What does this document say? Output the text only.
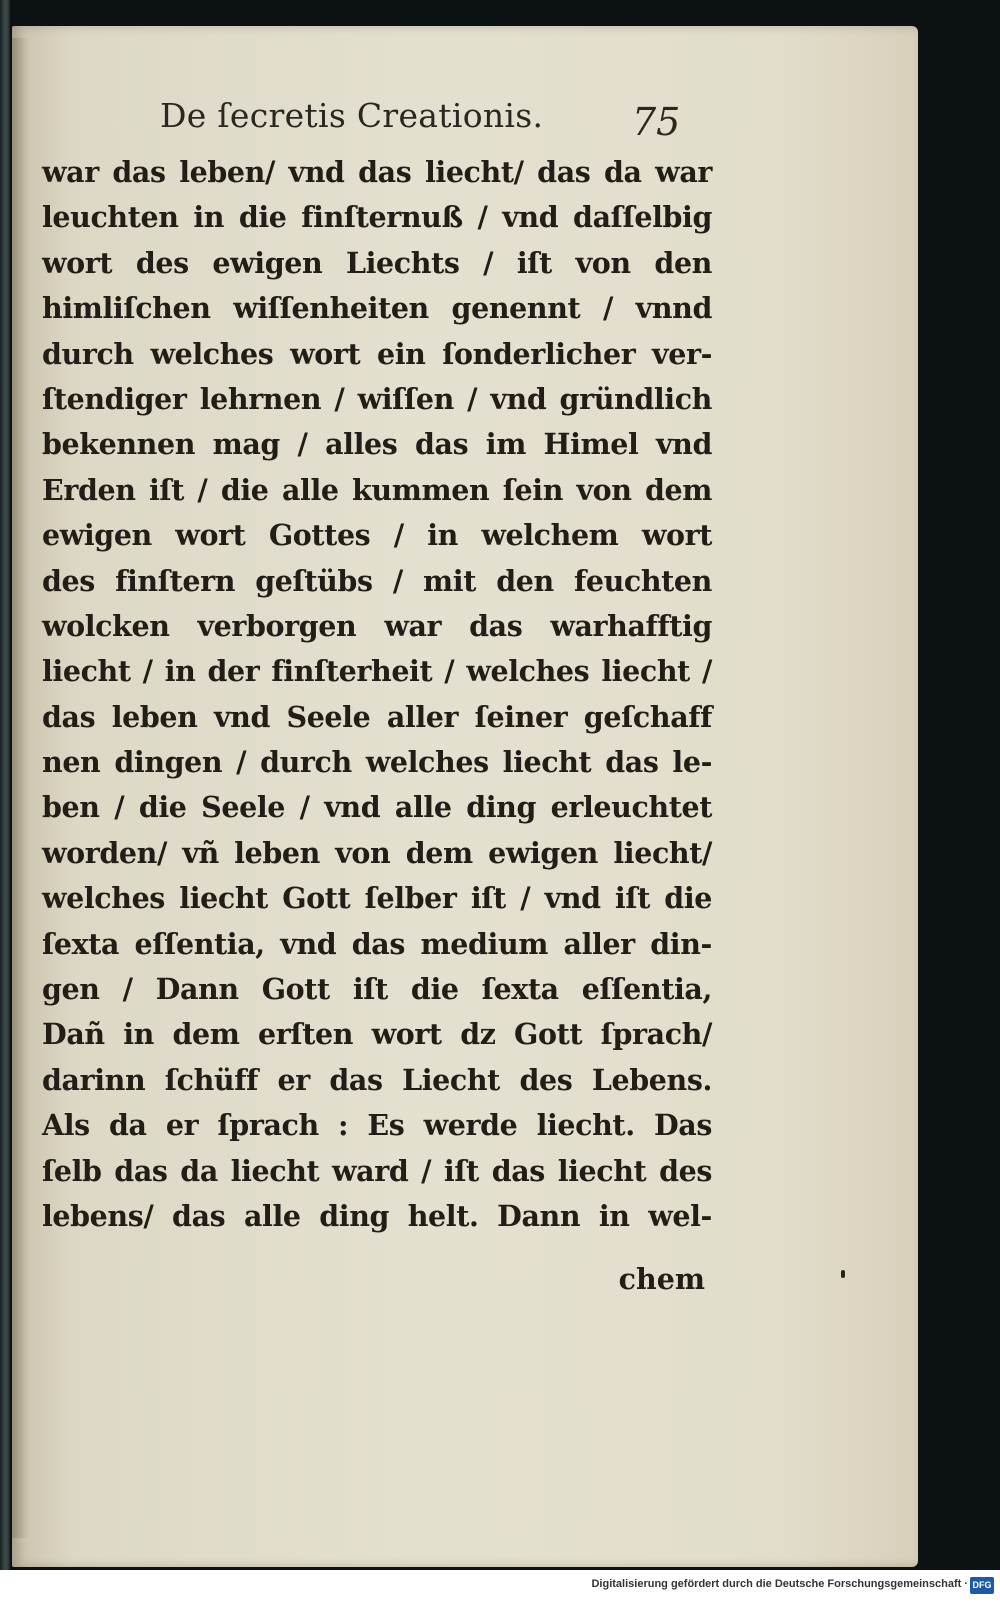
De ſecretis Creationis.	75
war das leben/ vnd das liecht/ das da war
leuchten in die finſternuß / vnd daſſelbig
wort des ewigen Liechts / iſt von den
himliſchen wiſſenheiten genennt / vnnd
durch welches wort ein ſonderlicher ver-
ſtendiger lehrnen / wiſſen / vnd gründlich
bekennen mag / alles das im Himel vnd
Erden iſt / die alle kummen ſein von dem
ewigen wort Gottes / in welchem wort
des finſtern geſtübs / mit den feuchten
wolcken verborgen war das warhafftig
liecht / in der finſterheit / welches liecht /
das leben vnd Seele aller ſeiner geſchaff
nen dingen / durch welches liecht das le-
ben / die Seele / vnd alle ding erleuchtet
worden/ vñ leben von dem ewigen liecht/
welches liecht Gott ſelber iſt / vnd iſt die
ſexta eſſentia, vnd das medium aller din-
gen / Dann Gott iſt die ſexta eſſentia,
Dañ in dem erſten wort dz Gott ſprach/
darinn ſchüff er das Liecht des Lebens.
Als da er ſprach : Es werde liecht. Das
ſelb das da liecht ward / iſt das liecht des
lebens/ das alle ding helt. Dann in wel-
chem
Digitalisierung gefördert durch die Deutsche Forschungsgemeinschaft · DFG
